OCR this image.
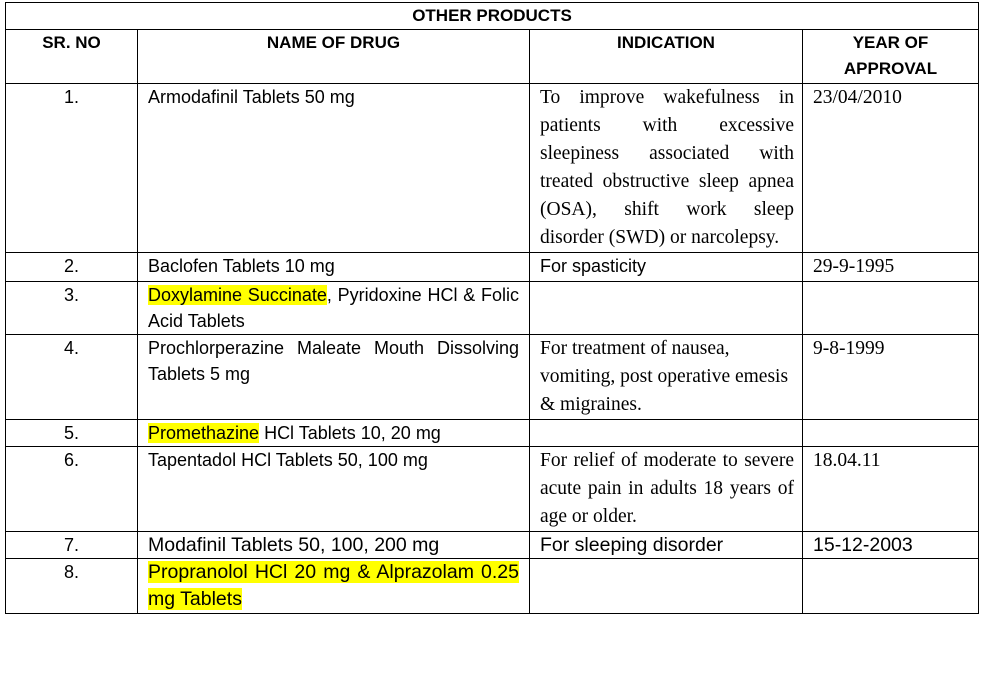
OTHER PRODUCTS			
SR. NO	NAME OF DRUG	INDICATION	YEAR OF APPROVAL
1.	Armodafinil Tablets 50 mg	To improve wakefulness in patients with excessive sleepiness associated with treated obstructive sleep apnea (OSA), shift work sleep disorder (SWD) or narcolepsy.	23/04/2010
2.	Baclofen Tablets 10 mg	For spasticity	29-9-1995
3.	Doxylamine Succinate, Pyridoxine HCl & Folic Acid Tablets		
4.	Prochlorperazine Maleate Mouth Dissolving Tablets 5 mg	For treatment of nausea, vomiting, post operative emesis & migraines.	9-8-1999
5.	Promethazine HCl Tablets 10, 20 mg		
6.	Tapentadol HCl Tablets 50, 100 mg	For relief of moderate to severe acute pain in adults 18 years of age or older.	18.04.11
7.	Modafinil Tablets 50, 100, 200 mg	For sleeping disorder	15-12-2003
8.	Propranolol HCl 20 mg & Alprazolam 0.25 mg Tablets		
